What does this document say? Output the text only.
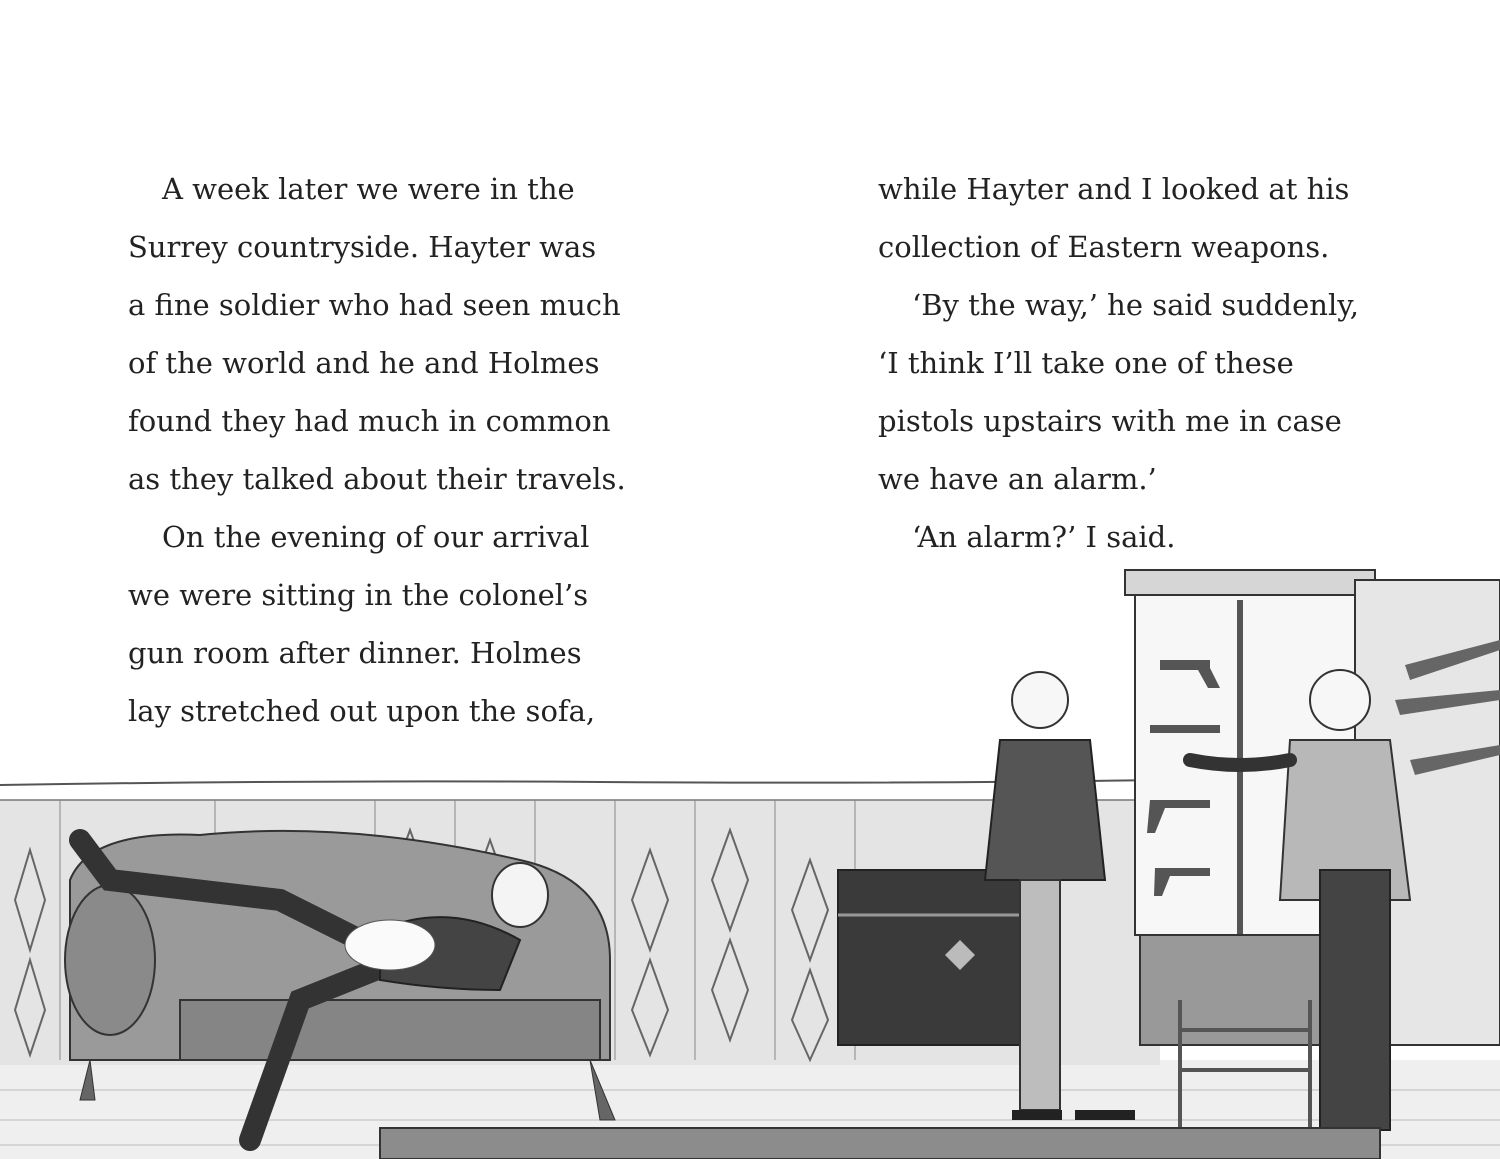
A week later we were in the
Surrey countryside. Hayter was
a fine soldier who had seen much
of the world and he and Holmes
found they had much in common
as they talked about their travels.
On the evening of our arrival
we were sitting in the colonel’s
gun room after dinner. Holmes
lay stretched out upon the sofa,
while Hayter and I looked at his
collection of Eastern weapons.
‘By the way,’ he said suddenly,
‘I think I’ll take one of these
pistols upstairs with me in case
we have an alarm.’
‘An alarm?’ I said.
